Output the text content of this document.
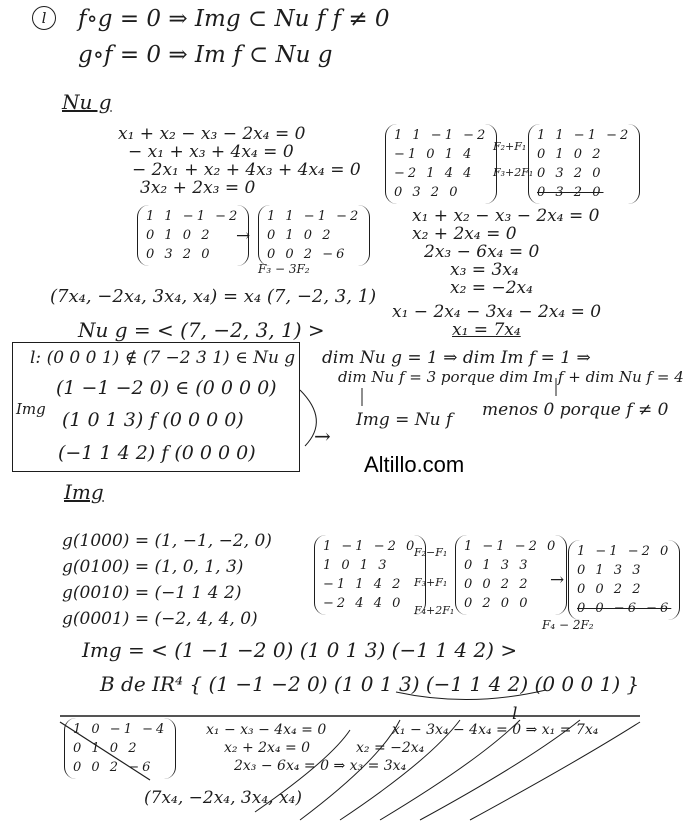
l	f∘g = 0 ⇒ Img ⊂ Nu f f ≠ 0
g∘f = 0 ⇒ Im f ⊂ Nu g
Nu g
x₁ + x₂ − x₃ − 2x₄ = 0
− x₁ + x₃ + 4x₄ = 0
− 2x₁ + x₂ + 4x₃ + 4x₄ = 0
3x₂ + 2x₃ = 0
1 1 −1 −2
−1 0 1 4
−2 1 4 4
0 3 2 0
F₂+F₁
F₃+2F₁
1 1 −1 −2
0 1 0 2
0 3 2 0
0 3 2 0
1 1 −1 −2
0 1 0 2
0 3 2 0
→
1 1 −1 −2
0 1 0 2
0 0 2 −6
F₃ − 3F₂
x₁ + x₂ − x₃ − 2x₄ = 0
x₂ + 2x₄ = 0
2x₃ − 6x₄ = 0
x₃ = 3x₄
x₂ = −2x₄
(7x₄, −2x₄, 3x₄, x₄) = x₄ (7, −2, 3, 1)
x₁ − 2x₄ − 3x₄ − 2x₄ = 0
x₁ = 7x₄
Nu g = < (7, −2, 3, 1) >
l: (0 0 0 1) ∉ (7 −2 3 1) ∈ Nu g
(1 −1 −2 0) ∈ (0 0 0 0)
(1 0 1 3) f (0 0 0 0)
(−1 1 4 2) f (0 0 0 0)
Img
→
dim Nu g = 1 ⇒ dim Im f = 1 ⇒
dim Nu f = 3 porque dim Im f + dim Nu f = 4
Img = Nu f menos 0 porque f ≠ 0
Altillo.com
Img
g(1000) = (1, −1, −2, 0)
g(0100) = (1, 0, 1, 3)
g(0010) = (−1 1 4 2)
g(0001) = (−2, 4, 4, 0)
1 −1 −2 0
1 0 1 3
−1 1 4 2
−2 4 4 0
F₂−F₁
F₃+F₁
F₄+2F₁
1 −1 −2 0
0 1 3 3
0 0 2 2
0 2 0 0
→
1 −1 −2 0
0 1 3 3
0 0 2 2
0 0 −6 −6
F₄ − 2F₂
Img = < (1 −1 −2 0) (1 0 1 3) (−1 1 4 2) >
B de IR⁴ { (1 −1 −2 0) (1 0 1 3) (−1 1 4 2) (0 0 0 1) }
l
1 0 −1 −4
0 1 0 2
0 0 2 −6
x₁ − x₃ − 4x₄ = 0
x₂ + 2x₄ = 0
2x₃ − 6x₄ = 0 ⇒ x₃ = 3x₄
x₁ − 3x₄ − 4x₄ = 0 ⇒ x₁ = 7x₄
x₂ = −2x₄
(7x₄, −2x₄, 3x₄, x₄)
